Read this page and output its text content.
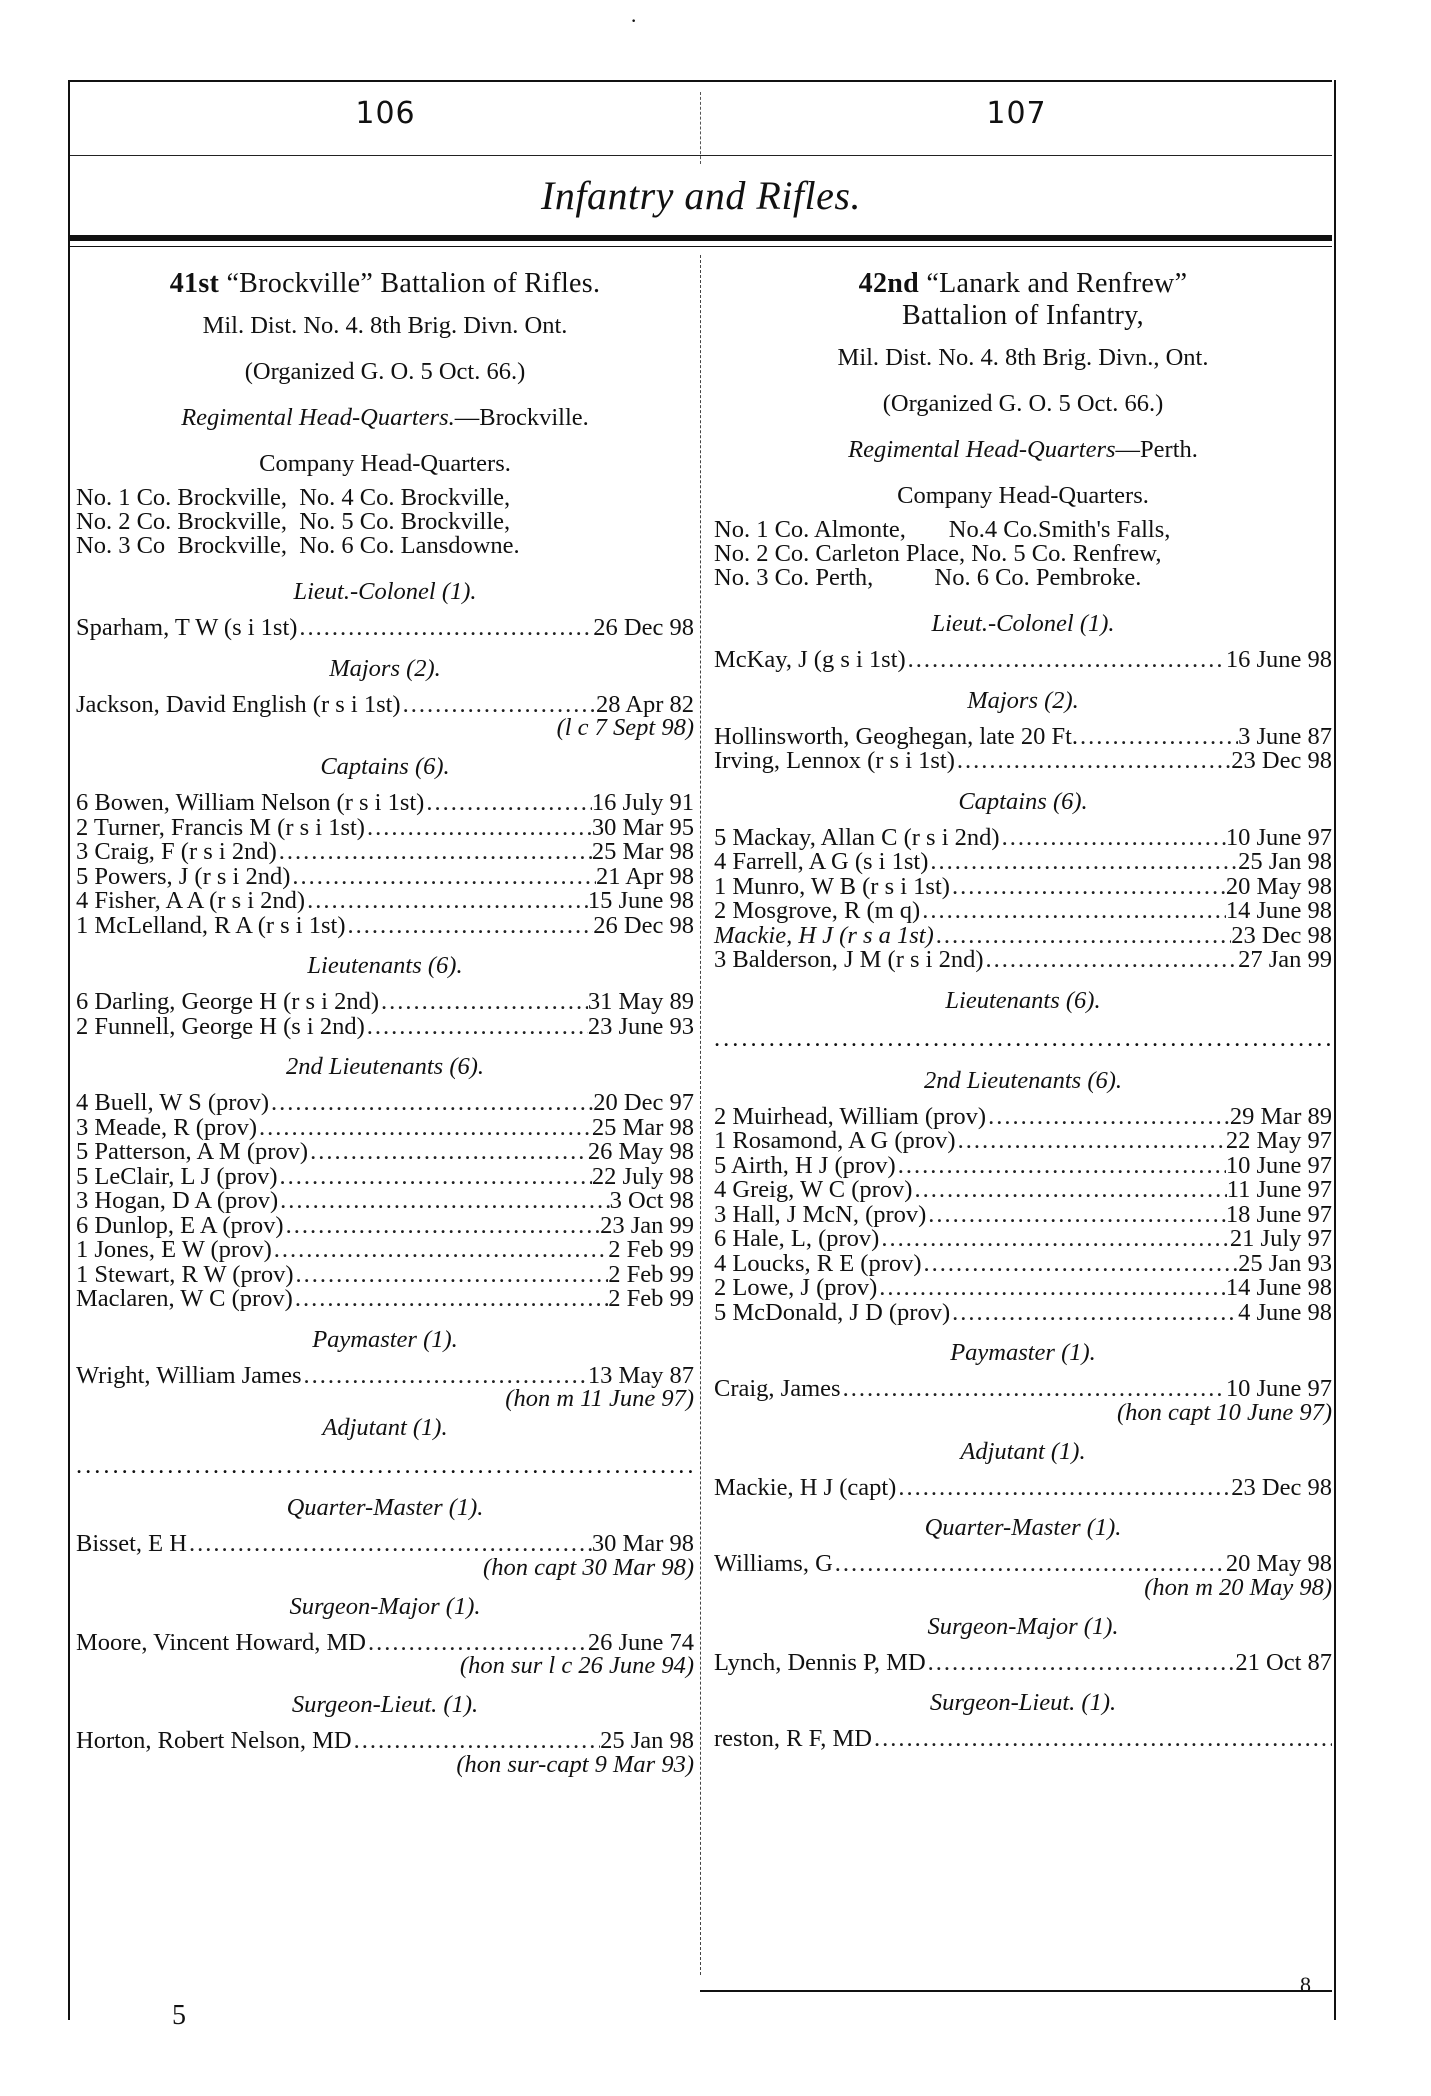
·
106	107
Infantry and Rifles.
41st “Brockville” Battalion of Rifles.
Mil. Dist. No. 4. 8th Brig. Divn. Ont.
(Organized G. O. 5 Oct. 66.)
Regimental Head-Quarters.—Brockville.
Company Head-Quarters.
No. 1 Co. Brockville,  No. 4 Co. Brockville,
No. 2 Co. Brockville,  No. 5 Co. Brockville,
No. 3 Co  Brockville,  No. 6 Co. Lansdowne.
Lieut.-Colonel (1).
Sparham, T W (s i 1st) .....	26 Dec 98
Majors (2).
Jackson, David English (r s i 1st) .....	28 Apr 82
(l c 7 Sept 98)
Captains (6).
6 Bowen, William Nelson (r s i 1st) .....	16 July 91
2 Turner, Francis M (r s i 1st) .....	30 Mar 95
3 Craig, F (r s i 2nd) .....	25 Mar 98
5 Powers, J (r s i 2nd) .....	21 Apr 98
4 Fisher, A A (r s i 2nd) .....	15 June 98
1 McLelland, R A (r s i 1st) .....	26 Dec 98
Lieutenants (6).
6 Darling, George H (r s i 2nd) .....	31 May 89
2 Funnell, George H (s i 2nd) .....	23 June 93
2nd Lieutenants (6).
4 Buell, W S (prov) .....	20 Dec 97
3 Meade, R (prov) .....	25 Mar 98
5 Patterson, A M (prov) .....	26 May 98
5 LeClair, L J (prov) .....	22 July 98
3 Hogan, D A (prov) .....	3 Oct 98
6 Dunlop, E A (prov) .....	23 Jan 99
1 Jones, E W (prov) .....	2 Feb 99
1 Stewart, R W (prov) .....	2 Feb 99
Maclaren, W C (prov) .....	2 Feb 99
Paymaster (1).
Wright, William James .....	13 May 87
(hon m 11 June 97)
Adjutant (1).
.....
Quarter-Master (1).
Bisset, E H .....	30 Mar 98
(hon capt 30 Mar 98)
Surgeon-Major (1).
Moore, Vincent Howard, MD .....	26 June 74
(hon sur l c 26 June 94)
Surgeon-Lieut. (1).
Horton, Robert Nelson, MD .....	25 Jan 98
(hon sur-capt 9 Mar 93)
42nd “Lanark and Renfrew”
Battalion of Infantry,
Mil. Dist. No. 4. 8th Brig. Divn., Ont.
(Organized G. O. 5 Oct. 66.)
Regimental Head-Quarters—Perth.
Company Head-Quarters.
No. 1 Co. Almonte,       No.4 Co.Smith's Falls,
No. 2 Co. Carleton Place, No. 5 Co. Renfrew,
No. 3 Co. Perth,          No. 6 Co. Pembroke.
Lieut.-Colonel (1).
McKay, J (g s i 1st) .....	16 June 98
Majors (2).
Hollinsworth, Geoghegan, late 20 Ft. .....	3 June 87
Irving, Lennox (r s i 1st) .....	23 Dec 98
Captains (6).
5 Mackay, Allan C (r s i 2nd) .....	10 June 97
4 Farrell, A G (s i 1st) .....	25 Jan 98
1 Munro, W B (r s i 1st) .....	20 May 98
2 Mosgrove, R (m q) .....	14 June 98
Mackie, H J (r s a 1st) .....	23 Dec 98
3 Balderson, J M (r s i 2nd) .....	27 Jan 99
Lieutenants (6).
.....
2nd Lieutenants (6).
2 Muirhead, William (prov) .....	29 Mar 89
1 Rosamond, A G (prov) .....	22 May 97
5 Airth, H J (prov) .....	10 June 97
4 Greig, W C (prov) .....	11 June 97
3 Hall, J McN, (prov) .....	18 June 97
6 Hale, L, (prov) .....	21 July 97
4 Loucks, R E (prov) .....	25 Jan 93
2 Lowe, J (prov) .....	14 June 98
5 McDonald, J D (prov) .....	4 June 98
Paymaster (1).
Craig, James .....	10 June 97
(hon capt 10 June 97)
Adjutant (1).
Mackie, H J (capt) .....	23 Dec 98
Quarter-Master (1).
Williams, G .....	20 May 98
(hon m 20 May 98)
Surgeon-Major (1).
Lynch, Dennis P, MD .....	21 Oct 87
Surgeon-Lieut. (1).
reston, R F, MD
.....
5
8
